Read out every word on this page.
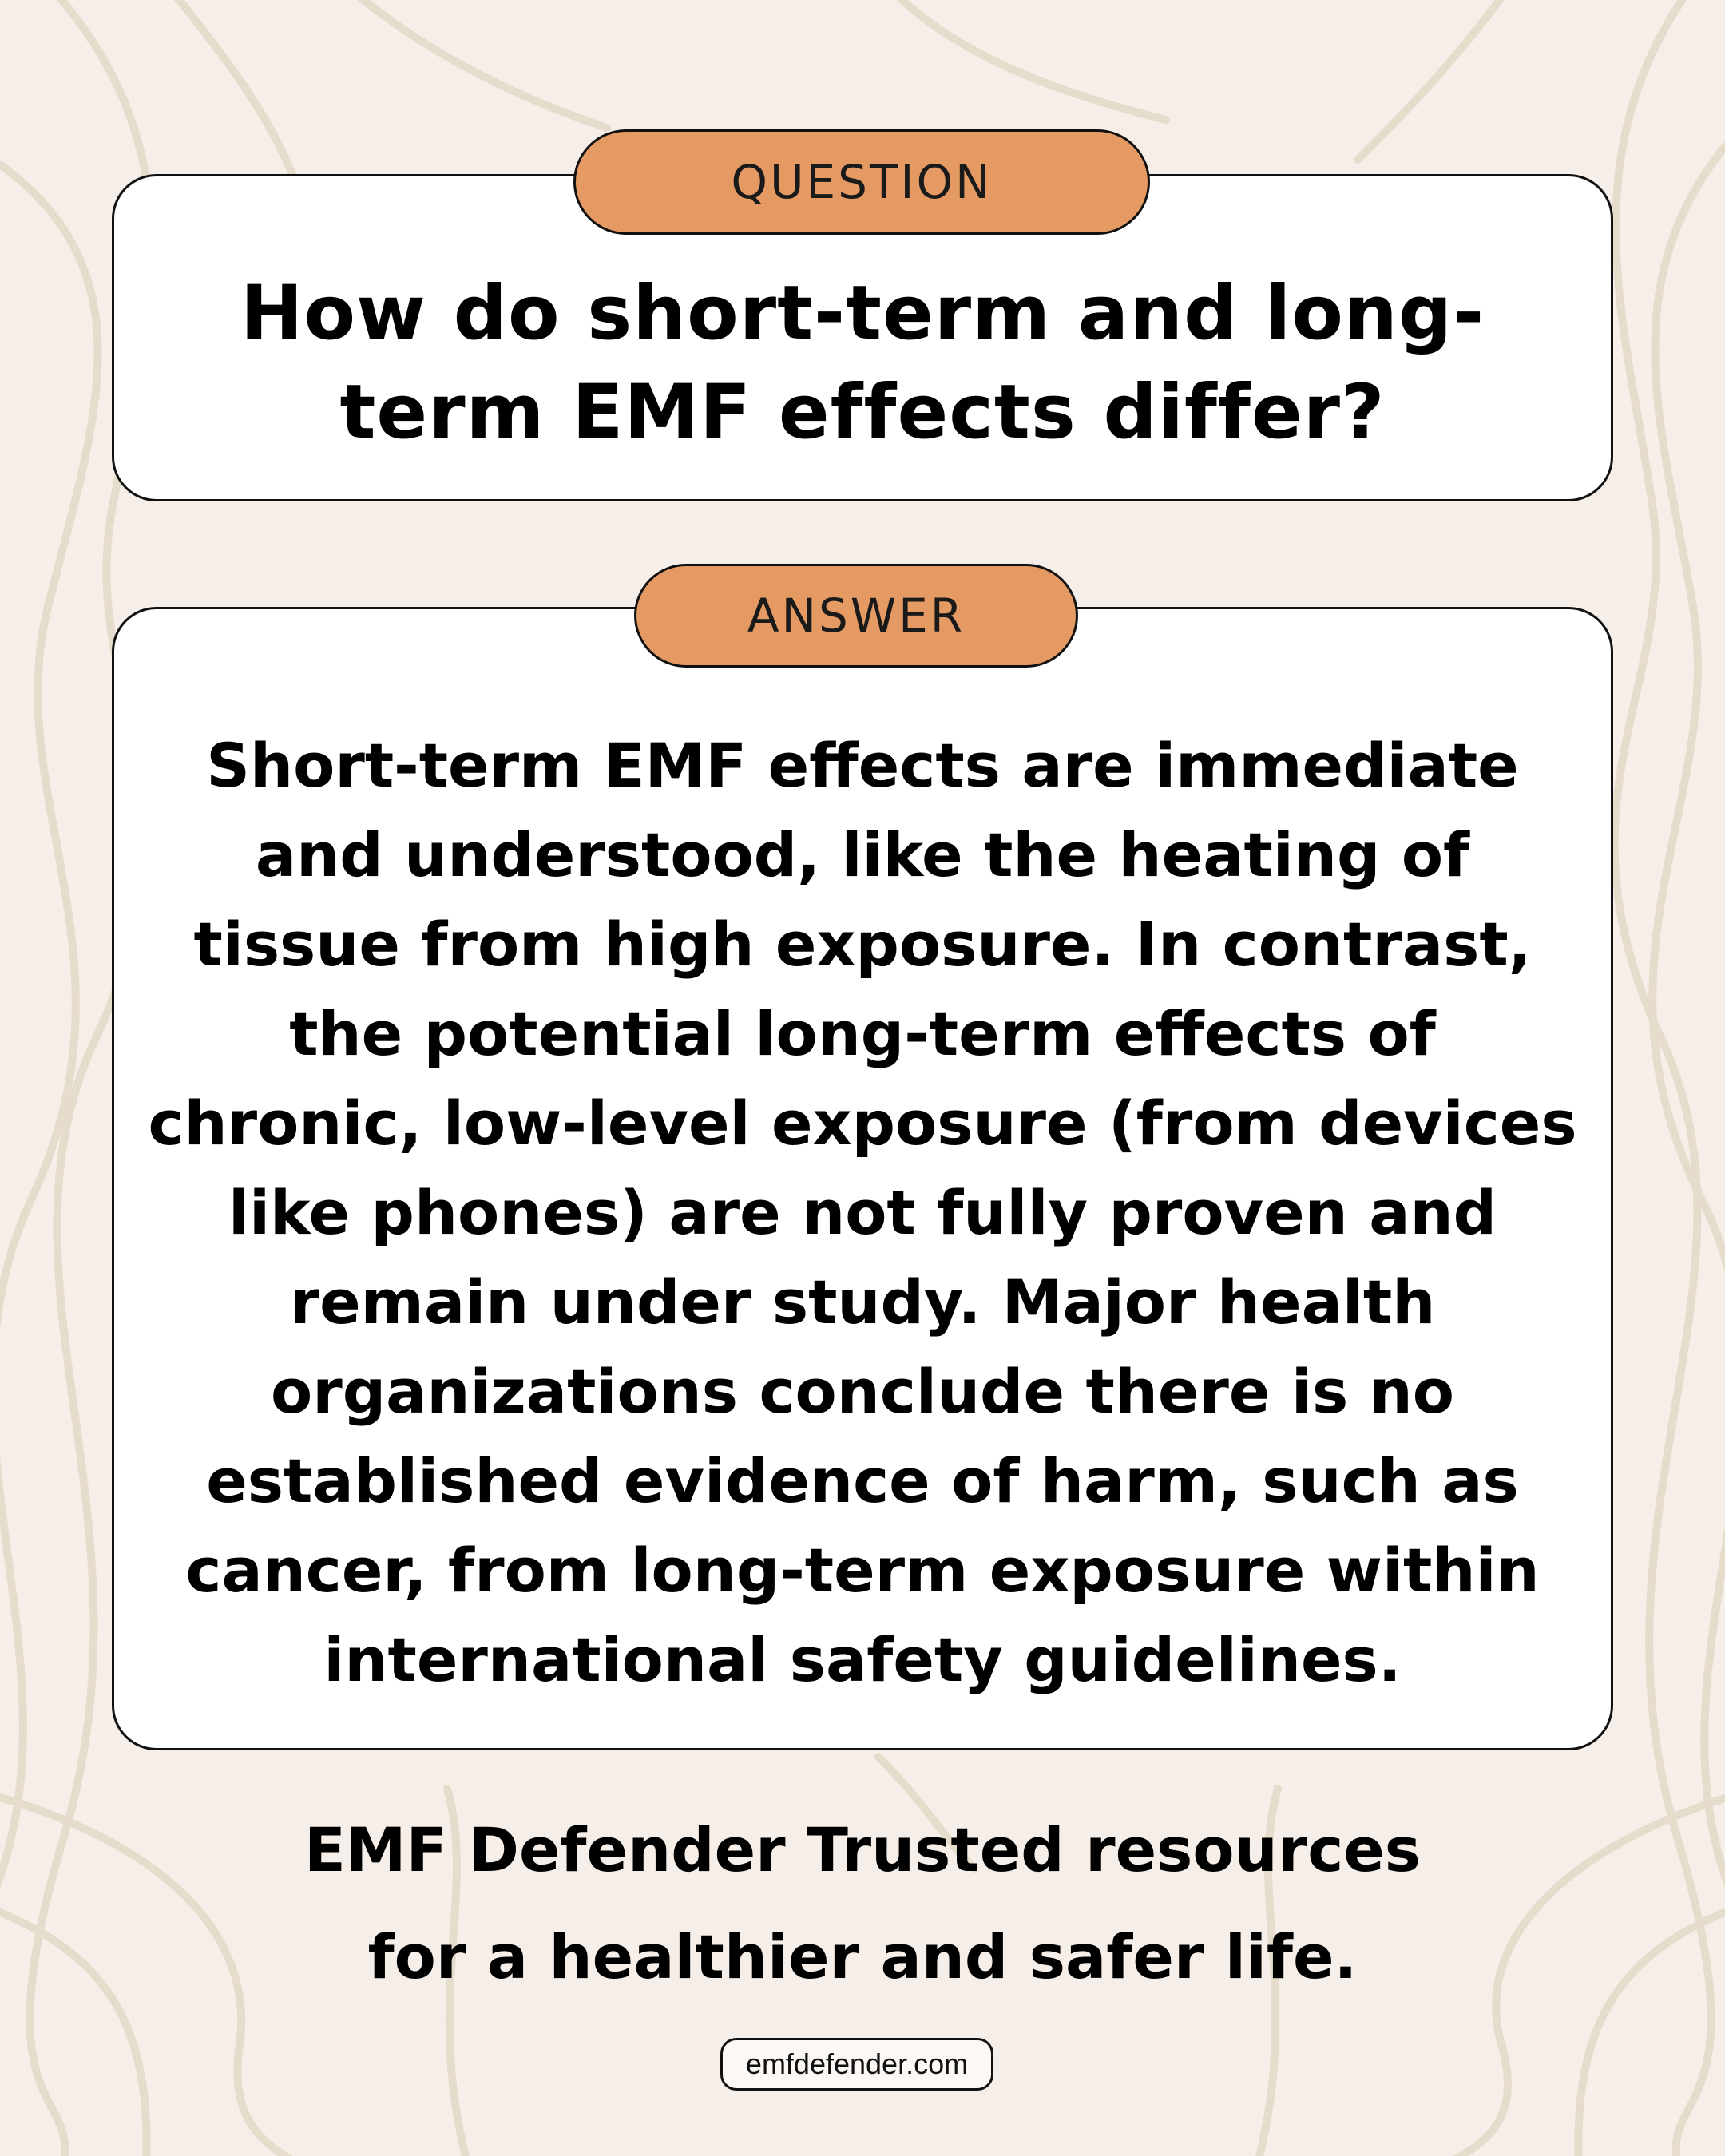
How do short-term and long-term EMF effects differ?
QUESTION
Short-term EMF effects are immediate and understood, like the heating of tissue from high exposure. In contrast, the potential long-term effects of chronic, low-level exposure (from devices like phones) are not fully proven and remain under study. Major health organizations conclude there is no established evidence of harm, such as cancer, from long-term exposure within international safety guidelines.
ANSWER
EMF Defender Trusted resources
for a healthier and safer life.
emfdefender.com
